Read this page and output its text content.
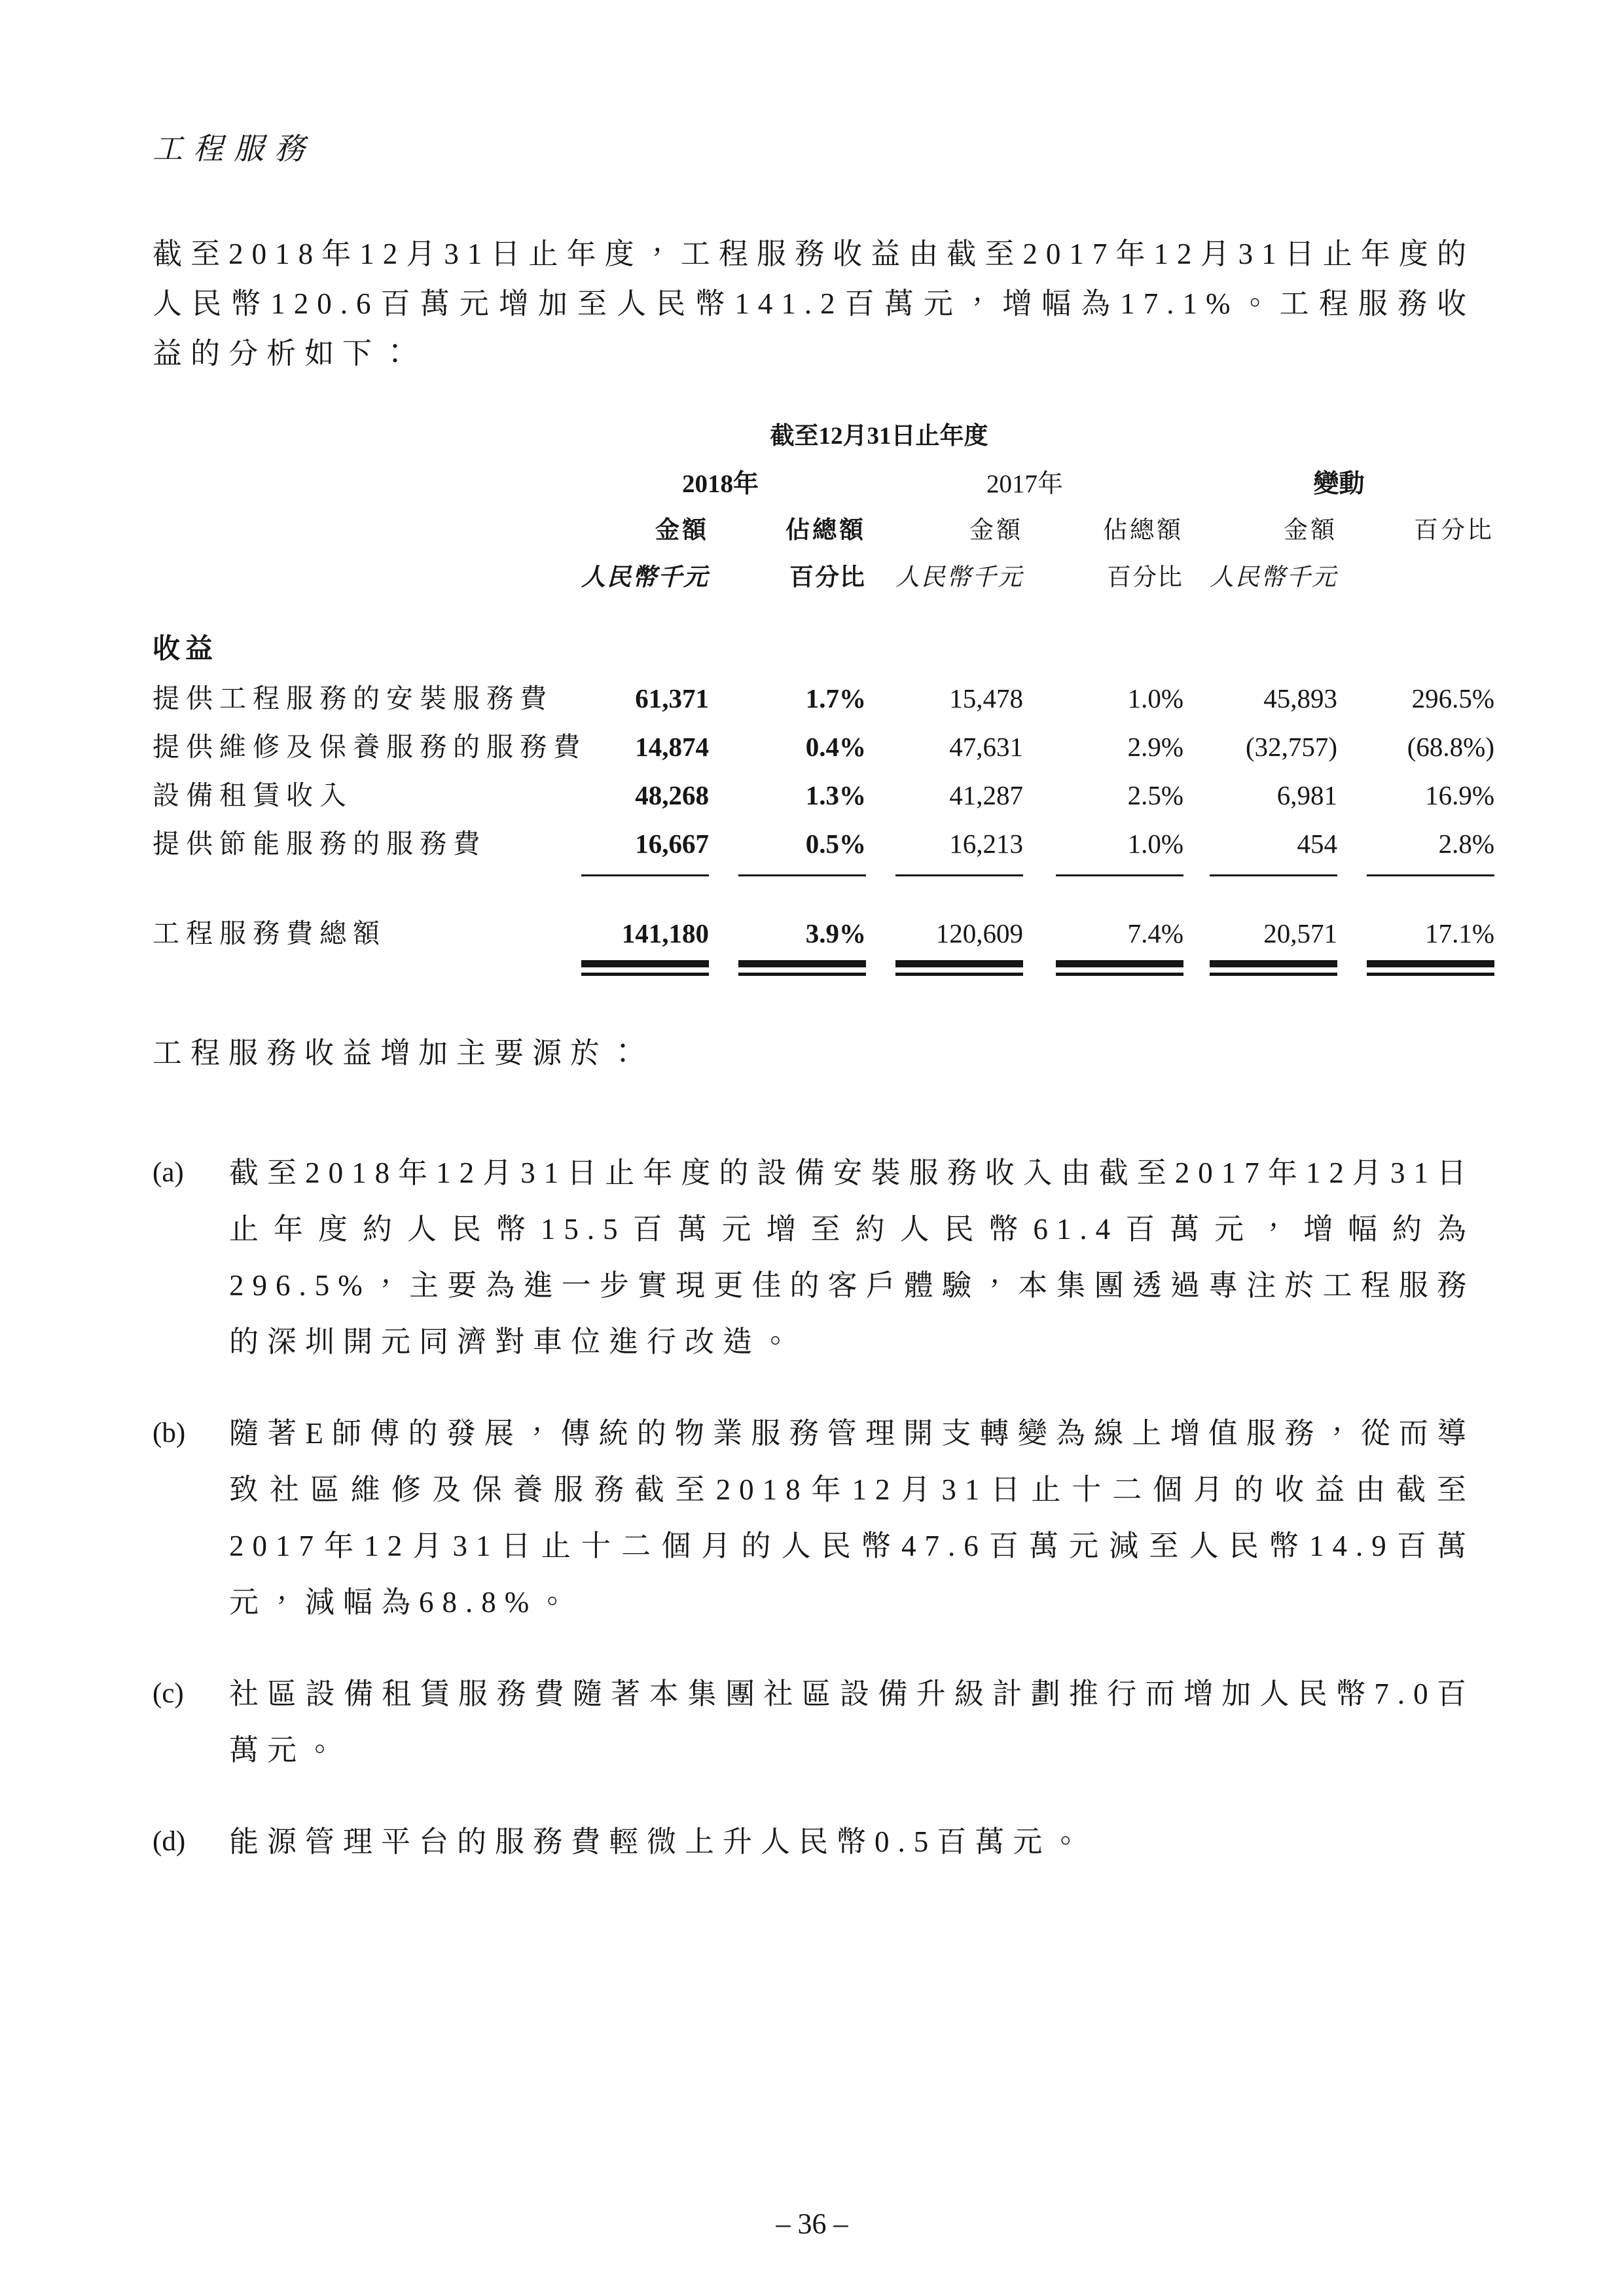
工程服務

截至2018年12月31日止年度，工程服務收益由截至2017年12月31日止年度的人民幣120.6百萬元增加至人民幣141.2百萬元，增幅為17.1%。工程服務收益的分析如下：

	截至12月31日止年度					
	2018年		2017年		變動	
	金額	佔總額	金額	佔總額	金額	百分比
	人民幣千元	百分比	人民幣千元	百分比	人民幣千元	
收益						
提供工程服務的安裝服務費	61,371	1.7%	15,478	1.0%	45,893	296.5%
提供維修及保養服務的服務費	14,874	0.4%	47,631	2.9%	(32,757)	(68.8%)
設備租賃收入	48,268	1.3%	41,287	2.5%	6,981	16.9%
提供節能服務的服務費	16,667	0.5%	16,213	1.0%	454	2.8%

工程服務費總額	141,180	3.9%	120,609	7.4%	20,571	17.1%

工程服務收益增加主要源於：

(a)	截至2018年12月31日止年度的設備安裝服務收入由截至2017年12月31日止年度約人民幣15.5百萬元增至約人民幣61.4百萬元，增幅約為296.5%，主要為進一步實現更佳的客戶體驗，本集團透過專注於工程服務的深圳開元同濟對車位進行改造。
(b)	隨著E師傅的發展，傳統的物業服務管理開支轉變為線上增值服務，從而導致社區維修及保養服務截至2018年12月31日止十二個月的收益由截至2017年12月31日止十二個月的人民幣47.6百萬元減至人民幣14.9百萬元，減幅為68.8%。
(c)	社區設備租賃服務費隨著本集團社區設備升級計劃推行而增加人民幣7.0百萬元。
(d)	能源管理平台的服務費輕微上升人民幣0.5百萬元。
– 36 –
